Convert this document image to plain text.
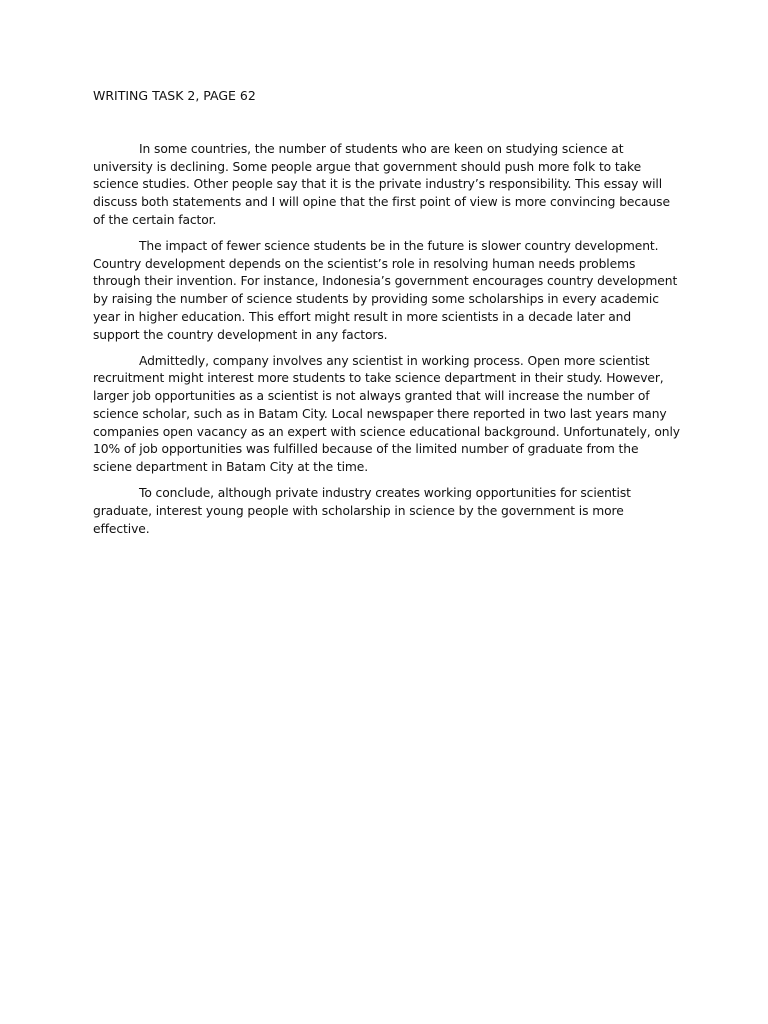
WRITING TASK 2, PAGE 62

In some countries, the number of students who are keen on studying science at university is declining. Some people argue that government should push more folk to take science studies. Other people say that it is the private industry’s responsibility. This essay will discuss both statements and I will opine that the first point of view is more convincing because of the certain factor.

The impact of fewer science students be in the future is slower country development. Country development depends on the scientist’s role in resolving human needs problems through their invention. For instance, Indonesia’s government encourages country development by raising the number of science students by providing some scholarships in every academic year in higher education. This effort might result in more scientists in a decade later and support the country development in any factors.

Admittedly, company involves any scientist in working process. Open more scientist recruitment might interest more students to take science department in their study. However, larger job opportunities as a scientist is not always granted that will increase the number of science scholar, such as in Batam City. Local newspaper there reported in two last years many companies open vacancy as an expert with science educational background. Unfortunately, only 10% of job opportunities was fulfilled because of the limited number of graduate from the sciene department in Batam City at the time.

To conclude, although private industry creates working opportunities for scientist graduate, interest young people with scholarship in science by the government is more effective.
